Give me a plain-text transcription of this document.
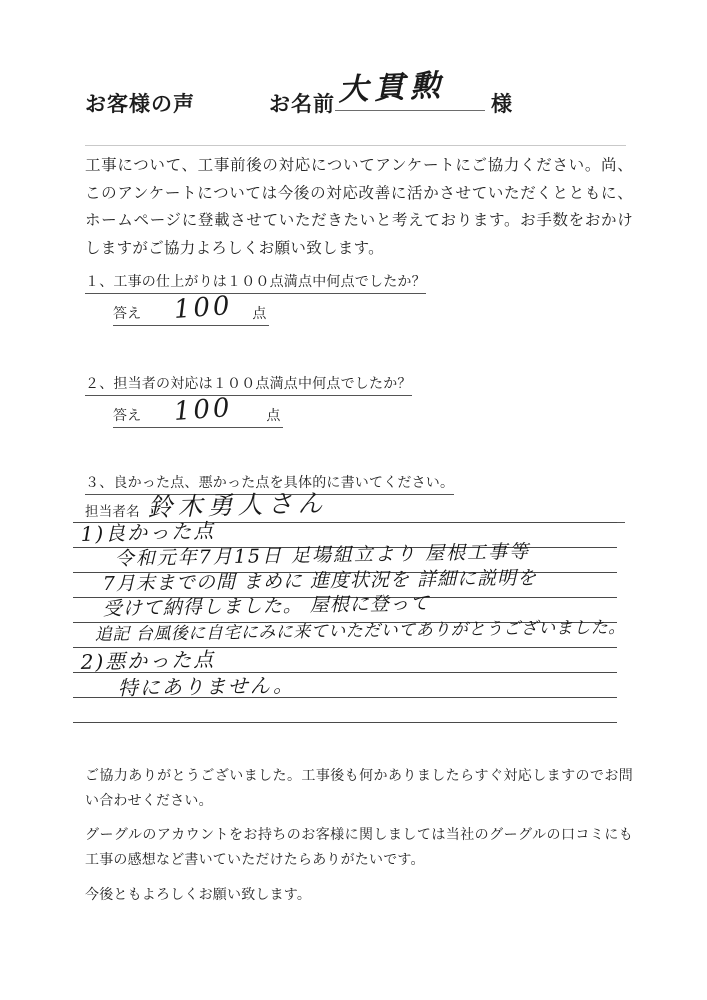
お客様の声	お名前 大貫勲 様
工事について、工事前後の対応についてアンケートにご協力ください。尚、このアンケートについては今後の対応改善に活かさせていただくとともに、ホームページに登載させていただきたいと考えております。お手数をおかけしますがご協力よろしくお願い致します。
１、工事の仕上がりは１００点満点中何点でしたか？
答え 100 点
２、担当者の対応は１００点満点中何点でしたか？
答え 100 点
３、良かった点、悪かった点を具体的に書いてください。
担当者名 鈴木勇人さん
1)良かった点
令和元年7月15日 足場組立より 屋根工事等
7月末までの間 まめに 進度状況を 詳細に説明を
受けて納得しました。 屋根に登って
追記 台風後に自宅にみに来ていただいてありがとうございました。
2)悪かった点
特にありません。
ご協力ありがとうございました。工事後も何かありましたらすぐ対応しますのでお問い合わせください。
グーグルのアカウントをお持ちのお客様に関しましては当社のグーグルの口コミにも工事の感想など書いていただけたらありがたいです。
今後ともよろしくお願い致します。
